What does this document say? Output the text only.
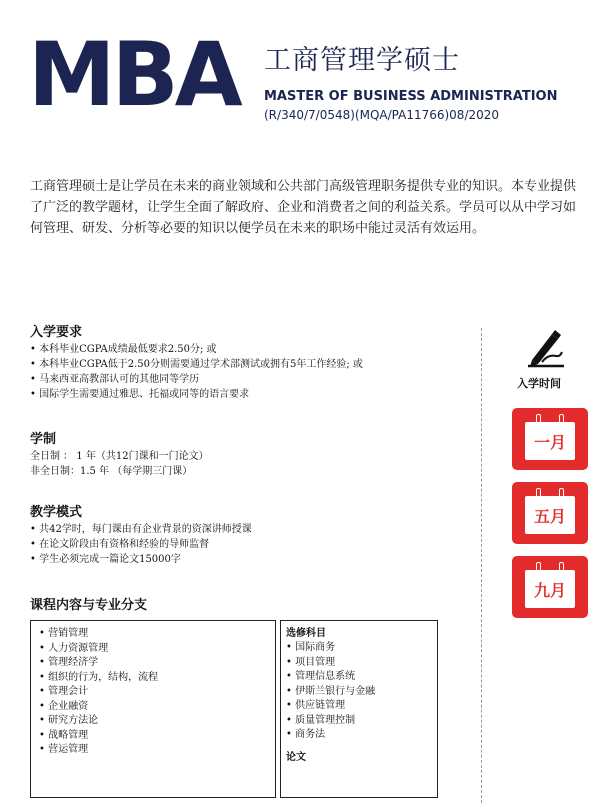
MBA 工商管理学硕士
MASTER OF BUSINESS ADMINISTRATION
(R/340/7/0548)(MQA/PA11766)08/2020
工商管理硕士是让学员在未来的商业领域和公共部门高级管理职务提供专业的知识。本专业提供了广泛的教学题材，让学生全面了解政府、企业和消费者之间的利益关系。学员可以从中学习如何管理、研发、分析等必要的知识以便学员在未来的职场中能过灵活有效运用。
入学要求
• 本科毕业CGPA成绩最低要求2.50分; 或
• 本科毕业CGPA低于2.50分则需要通过学术部测试或拥有5年工作经验; 或
• 马来西亚高教部认可的其他同等学历
• 国际学生需要通过雅思、托福或同等的语言要求
学制
全日制 ： 1 年（共12门课和一门论文）
非全日制：1.5 年 （每学期三门课）
教学模式
• 共42学时，每门课由有企业背景的资深讲师授课
• 在论文阶段由有资格和经验的导师监督
• 学生必须完成一篇论文15000字
课程内容与专业分支
• 营销管理
• 人力资源管理
• 管理经济学
• 组织的行为，结构，流程
• 管理会计
• 企业融资
• 研究方法论
• 战略管理
• 营运管理
选修科目
• 国际商务
• 项目管理
• 管理信息系统
• 伊斯兰银行与金融
• 供应链管理
• 质量管理控制
• 商务法
论文
入学时间
一月
五月
九月
